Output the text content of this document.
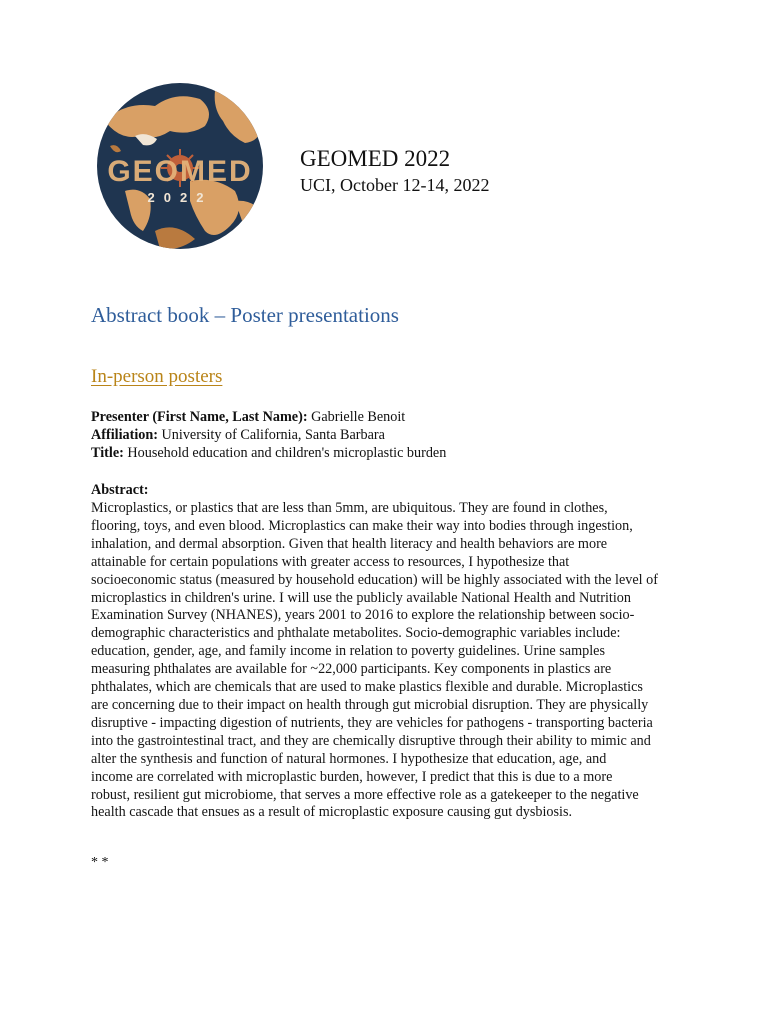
GEOMED
2022
GEOMED 2022
UCI, October 12-14, 2022
Abstract book – Poster presentations
In-person posters
Presenter (First Name, Last Name): Gabrielle Benoit
Affiliation: University of California, Santa Barbara
Title: Household education and children's microplastic burden
Abstract:
Microplastics, or plastics that are less than 5mm, are ubiquitous. They are found in clothes,
flooring, toys, and even blood. Microplastics can make their way into bodies through ingestion,
inhalation, and dermal absorption. Given that health literacy and health behaviors are more
attainable for certain populations with greater access to resources, I hypothesize that
socioeconomic status (measured by household education) will be highly associated with the level of
microplastics in children's urine. I will use the publicly available National Health and Nutrition
Examination Survey (NHANES), years 2001 to 2016 to explore the relationship between socio-
demographic characteristics and phthalate metabolites. Socio-demographic variables include:
education, gender, age, and family income in relation to poverty guidelines. Urine samples
measuring phthalates are available for ~22,000 participants. Key components in plastics are
phthalates, which are chemicals that are used to make plastics flexible and durable. Microplastics
are concerning due to their impact on health through gut microbial disruption. They are physically
disruptive - impacting digestion of nutrients, they are vehicles for pathogens - transporting bacteria
into the gastrointestinal tract, and they are chemically disruptive through their ability to mimic and
alter the synthesis and function of natural hormones. I hypothesize that education, age, and
income are correlated with microplastic burden, however, I predict that this is due to a more
robust, resilient gut microbiome, that serves a more effective role as a gatekeeper to the negative
health cascade that ensues as a result of microplastic exposure causing gut dysbiosis.
* *
